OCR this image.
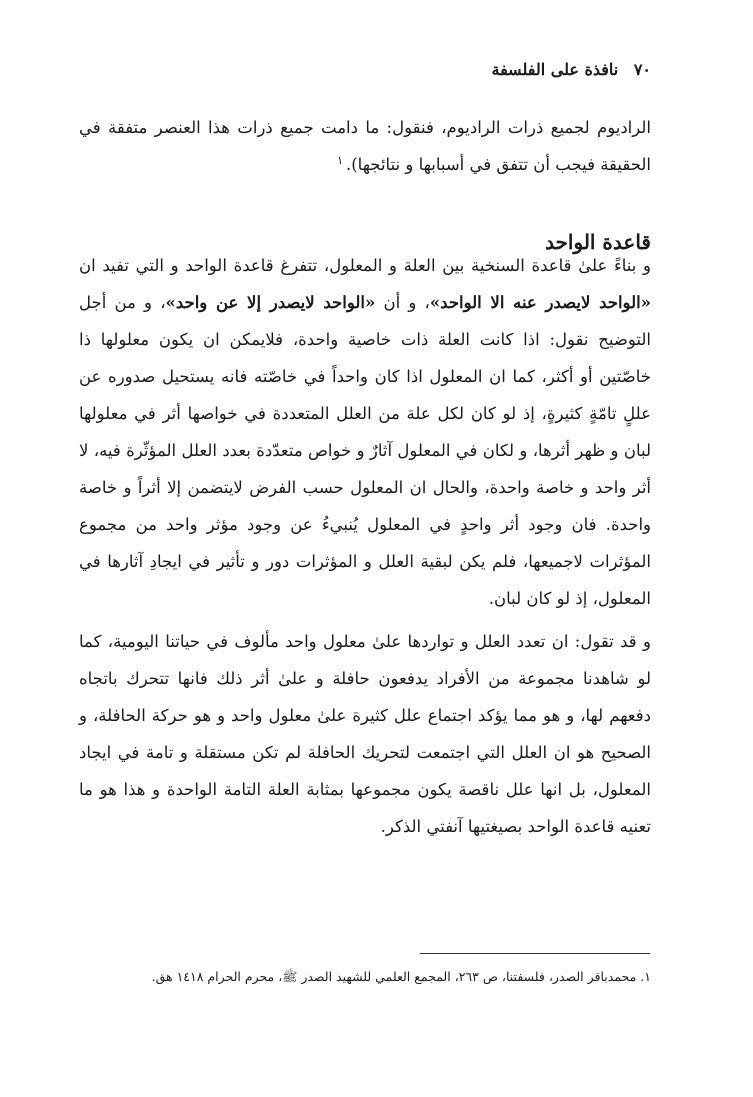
٧٠ نافذة على الفلسفة

الراديوم لجميع ذرات الراديوم، فنقول: ما دامت جميع ذرات هذا العنصر متفقة في الحقيقة فيجب أن تتفق في أسبابها و نتائجها).$^١$

قاعدة الواحد

و بناءً علىٰ قاعدة السنخية بين العلة و المعلول، تتفرغ قاعدة الواحد و التي تفيد ان «الواحد لايصدر عنه الا الواحد»، و أن «الواحد لايصدر إلا عن واحد»، و من أجل التوضيح نقول: اذا كانت العلة ذات خاصية واحدة، فلايمكن ان يكون معلولها ذا خاصّتين أو أكثر، كما ان المعلول اذا كان واحداً في خاصّته فانه يستحيل صدوره عن عللٍ تامّةٍ كثيرةٍ، إذ لو كان لكل علة من العلل المتعددة في خواصها أثر في معلولها لبان و ظهر أثرها، و لكان في المعلول آثارٌ و خواص متعدّدة بعدد العلل المؤثّرة فيه، لا أثر واحد و خاصة واحدة، والحال ان المعلول حسب الفرض لايتضمن إلا أثراً و خاصة واحدة. فان وجود أثر واحدٍ في المعلول يُنبيءُ عن وجود مؤثر واحد من مجموع المؤثرات لاجميعها، فلم يكن لبقية العلل و المؤثرات دور و تأثير في ايجادِ آثارها في المعلول، إذ لو كان لبان.

و قد تقول: ان تعدد العلل و تواردها علىٰ معلول واحد مألوف في حياتنا اليومية، كما لو شاهدنا مجموعة من الأفراد يدفعون حافلة و علىٰ أثر ذلك فانها تتحرك باتجاه دفعهم لها، و هو مما يؤكد اجتماع علل كثيرة علىٰ معلول واحد و هو حركة الحافلة، و الصحيح هو ان العلل التي اجتمعت لتحريك الحافلة لم تكن مستقلة و تامة في ايجاد المعلول، بل انها علل ناقصة يكون مجموعها بمثابة العلة التامة الواحدة و هذا هو ما تعنيه قاعدة الواحد بصيغتيها آنفتي الذكر.

١. محمدباقر الصدر، فلسفتنا، ص ٢٦٣، المجمع العلمي للشهيد الصدر ﷺ، محرم الحرام ١٤١٨ هق.
